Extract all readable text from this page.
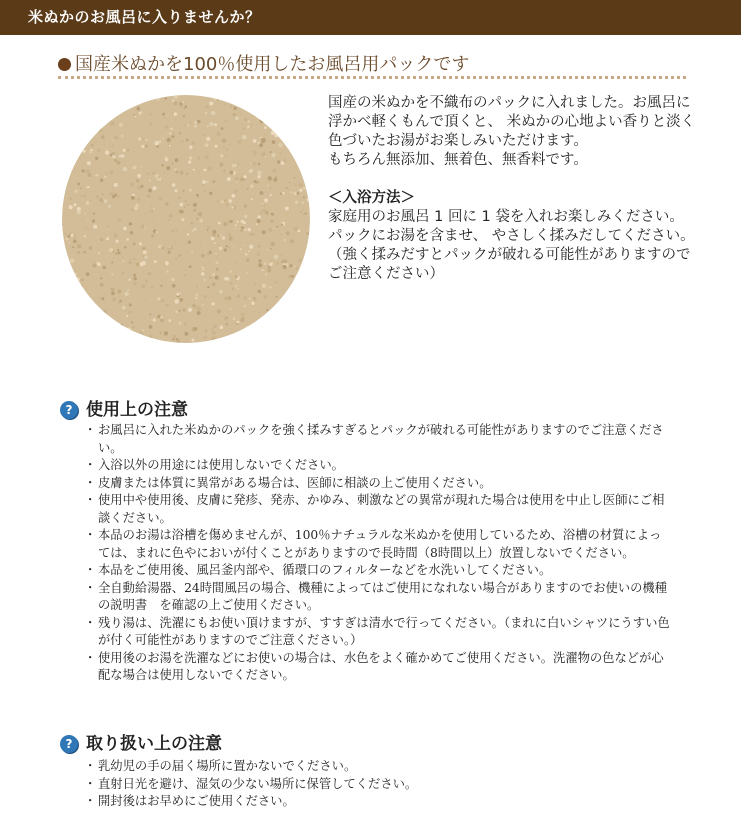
米ぬかのお風呂に入りませんか？
国産米ぬかを100％使用したお風呂用パックです

国産の米ぬかを不織布のパックに入れました。お風呂に浮かべ軽くもんで頂くと、 米ぬかの心地よい香りと淡く色づいたお湯がお楽しみいただけます。

もちろん無添加、無着色、無香料です。

＜入浴方法＞

家庭用のお風呂 1 回に 1 袋を入れお楽しみください。

パックにお湯を含ませ、 やさしく揉みだしてください。 （強く揉みだすとパックが破れる可能性がありますのでご注意ください）

? 使用上の注意
・ お風呂に入れた米ぬかのパックを強く揉みすぎるとパックが破れる可能性がありますのでご注意ください。
・ 入浴以外の用途には使用しないでください。
・ 皮膚または体質に異常がある場合は、医師に相談の上ご使用ください。
・ 使用中や使用後、皮膚に発疹、発赤、かゆみ、刺激などの異常が現れた場合は使用を中止し医師にご相談ください。
・ 本品のお湯は浴槽を傷めませんが、100％ナチュラルな米ぬかを使用しているため、浴槽の材質によっては、まれに色やにおいが付くことがありますので長時間（8時間以上）放置しないでください。
・ 本品をご使用後、風呂釜内部や、循環口のフィルターなどを水洗いしてください。
・ 全自動給湯器、24時間風呂の場合、機種によってはご使用になれない場合がありますのでお使いの機種の説明書　を確認の上ご使用ください。
・ 残り湯は、洗濯にもお使い頂けますが、すすぎは清水で行ってください。（まれに白いシャツにうすい色が付く可能性がありますのでご注意ください。）
・ 使用後のお湯を洗濯などにお使いの場合は、水色をよく確かめてご使用ください。洗濯物の色などが心配な場合は使用しないでください。
? 取り扱い上の注意
・ 乳幼児の手の届く場所に置かないでください。
・ 直射日光を避け、湿気の少ない場所に保管してください。
・ 開封後はお早めにご使用ください。
